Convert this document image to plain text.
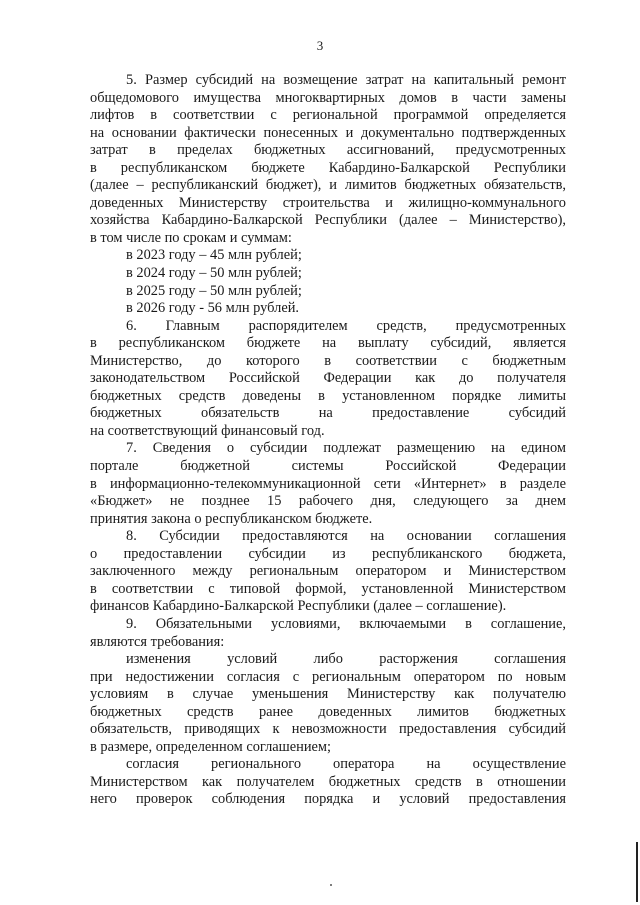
3
5. Размер субсидий на возмещение затрат на капитальный ремонт
общедомового имущества многоквартирных домов в части замены
лифтов в соответствии с региональной программой определяется
на основании фактически понесенных и документально подтвержденных
затрат в пределах бюджетных ассигнований, предусмотренных
в республиканском бюджете Кабардино-Балкарской Республики
(далее – республиканский бюджет), и лимитов бюджетных обязательств,
доведенных Министерству строительства и жилищно-коммунального
хозяйства Кабардино-Балкарской Республики (далее – Министерство),
в том числе по срокам и суммам:
в 2023 году – 45 млн рублей;
в 2024 году – 50 млн рублей;
в 2025 году – 50 млн рублей;
в 2026 году - 56 млн рублей.
6. Главным распорядителем средств, предусмотренных
в республиканском бюджете на выплату субсидий, является
Министерство, до которого в соответствии с бюджетным
законодательством Российской Федерации как до получателя
бюджетных средств доведены в установленном порядке лимиты
бюджетных обязательств на предоставление субсидий
на соответствующий финансовый год.
7. Сведения о субсидии подлежат размещению на едином
портале бюджетной системы Российской Федерации
в информационно-телекоммуникационной сети «Интернет» в разделе
«Бюджет» не позднее 15 рабочего дня, следующего за днем
принятия закона о республиканском бюджете.
8. Субсидии предоставляются на основании соглашения
о предоставлении субсидии из республиканского бюджета,
заключенного между региональным оператором и Министерством
в соответствии с типовой формой, установленной Министерством
финансов Кабардино-Балкарской Республики (далее – соглашение).
9. Обязательными условиями, включаемыми в соглашение,
являются требования:
изменения условий либо расторжения соглашения
при недостижении согласия с региональным оператором по новым
условиям в случае уменьшения Министерству как получателю
бюджетных средств ранее доведенных лимитов бюджетных
обязательств, приводящих к невозможности предоставления субсидий
в размере, определенном соглашением;
согласия регионального оператора на осуществление
Министерством как получателем бюджетных средств в отношении
него проверок соблюдения порядка и условий предоставления
